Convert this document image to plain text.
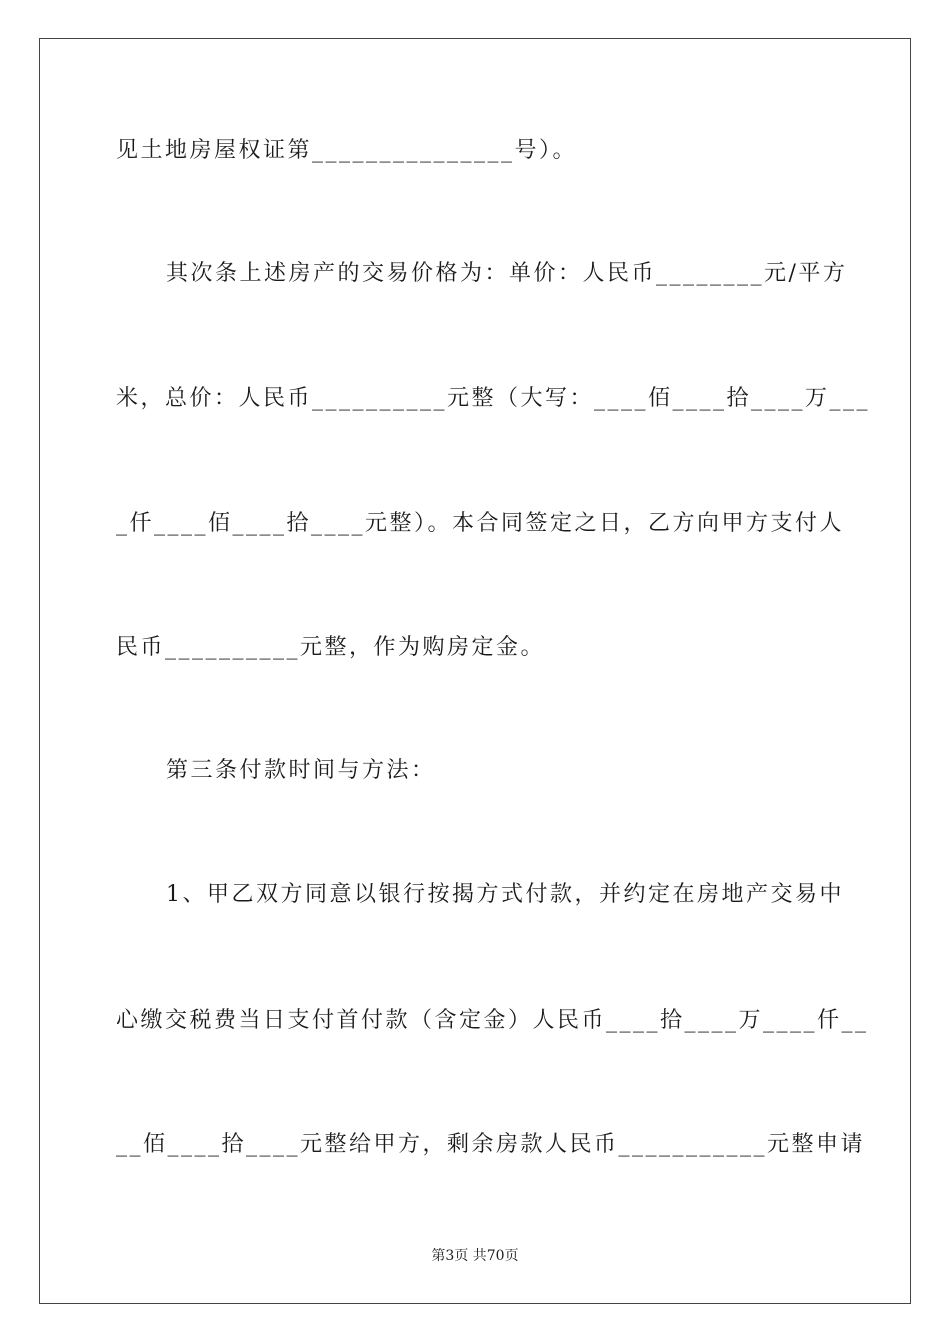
见土地房屋权证第_______________号）。
其次条上述房产的交易价格为：单价：人民币________元/平方
米，总价：人民币__________元整（大写：____佰____拾____万___
_仟____佰____拾____元整）。本合同签定之日，乙方向甲方支付人
民币__________元整，作为购房定金。
第三条付款时间与方法：
1、甲乙双方同意以银行按揭方式付款，并约定在房地产交易中
心缴交税费当日支付首付款（含定金）人民币____拾____万____仟__
__佰____拾____元整给甲方，剩余房款人民币___________元整申请
第3页 共70页
